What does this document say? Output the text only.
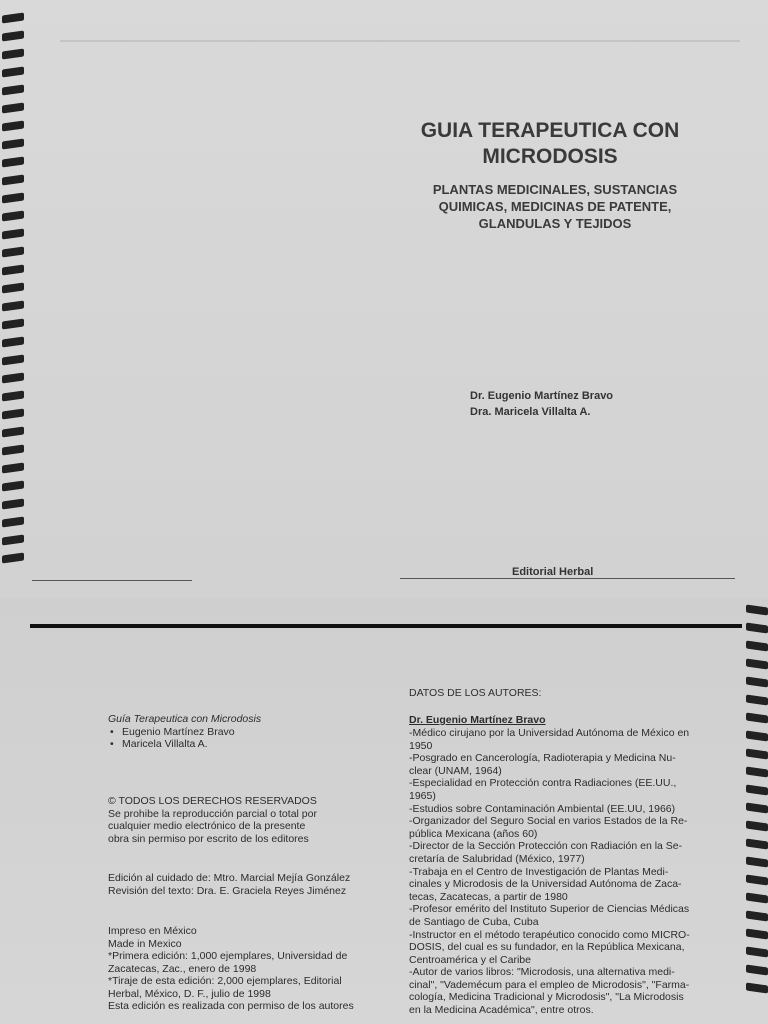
GUIA TERAPEUTICA CON MICRODOSIS
PLANTAS MEDICINALES, SUSTANCIAS QUIMICAS, MEDICINAS DE PATENTE, GLANDULAS Y TEJIDOS
Dr. Eugenio Martínez Bravo
Dra. Maricela Villalta A.
Editorial Herbal
Guía Terapeutica con Microdosis
• Eugenio Martínez Bravo
• Maricela Villalta A.
© TODOS LOS DERECHOS RESERVADOS
Se prohibe la reproducción parcial o total por
cualquier medio electrónico de la presente
obra sin permiso por escrito de los editores
Edición al cuidado de: Mtro. Marcial Mejía González
Revisión del texto: Dra. E. Graciela Reyes Jiménez
Impreso en México
Made in Mexico
*Primera edición: 1,000 ejemplares, Universidad de
Zacatecas, Zac., enero de 1998
*Tiraje de esta edición: 2,000 ejemplares, Editorial
Herbal, México, D. F., julio de 1998
Esta edición es realizada con permiso de los autores
DATOS DE LOS AUTORES:
Dr. Eugenio Martínez Bravo
-Médico cirujano por la Universidad Autónoma de México en
1950
-Posgrado en Cancerología, Radioterapia y Medicina Nu-
clear (UNAM, 1964)
-Especialidad en Protección contra Radiaciones (EE.UU.,
1965)
-Estudios sobre Contaminación Ambiental (EE.UU, 1966)
-Organizador del Seguro Social en varios Estados de la Re-
pública Mexicana (años 60)
-Director de la Sección Protección con Radiación en la Se-
cretaría de Salubridad (México, 1977)
-Trabaja en el Centro de Investigación de Plantas Medi-
cinales y Microdosis de la Universidad Autónoma de Zaca-
tecas, Zacatecas, a partir de 1980
-Profesor emérito del Instituto Superior de Ciencias Médicas
de Santiago de Cuba, Cuba
-Instructor en el método terapéutico conocido como MICRO-
DOSIS, del cual es su fundador, en la República Mexicana,
Centroamérica y el Caribe
-Autor de varios libros: "Microdosis, una alternativa medi-
cinal", "Vademécum para el empleo de Microdosis", "Farma-
cología, Medicina Tradicional y Microdosis", "La Microdosis
en la Medicina Académica", entre otros.
